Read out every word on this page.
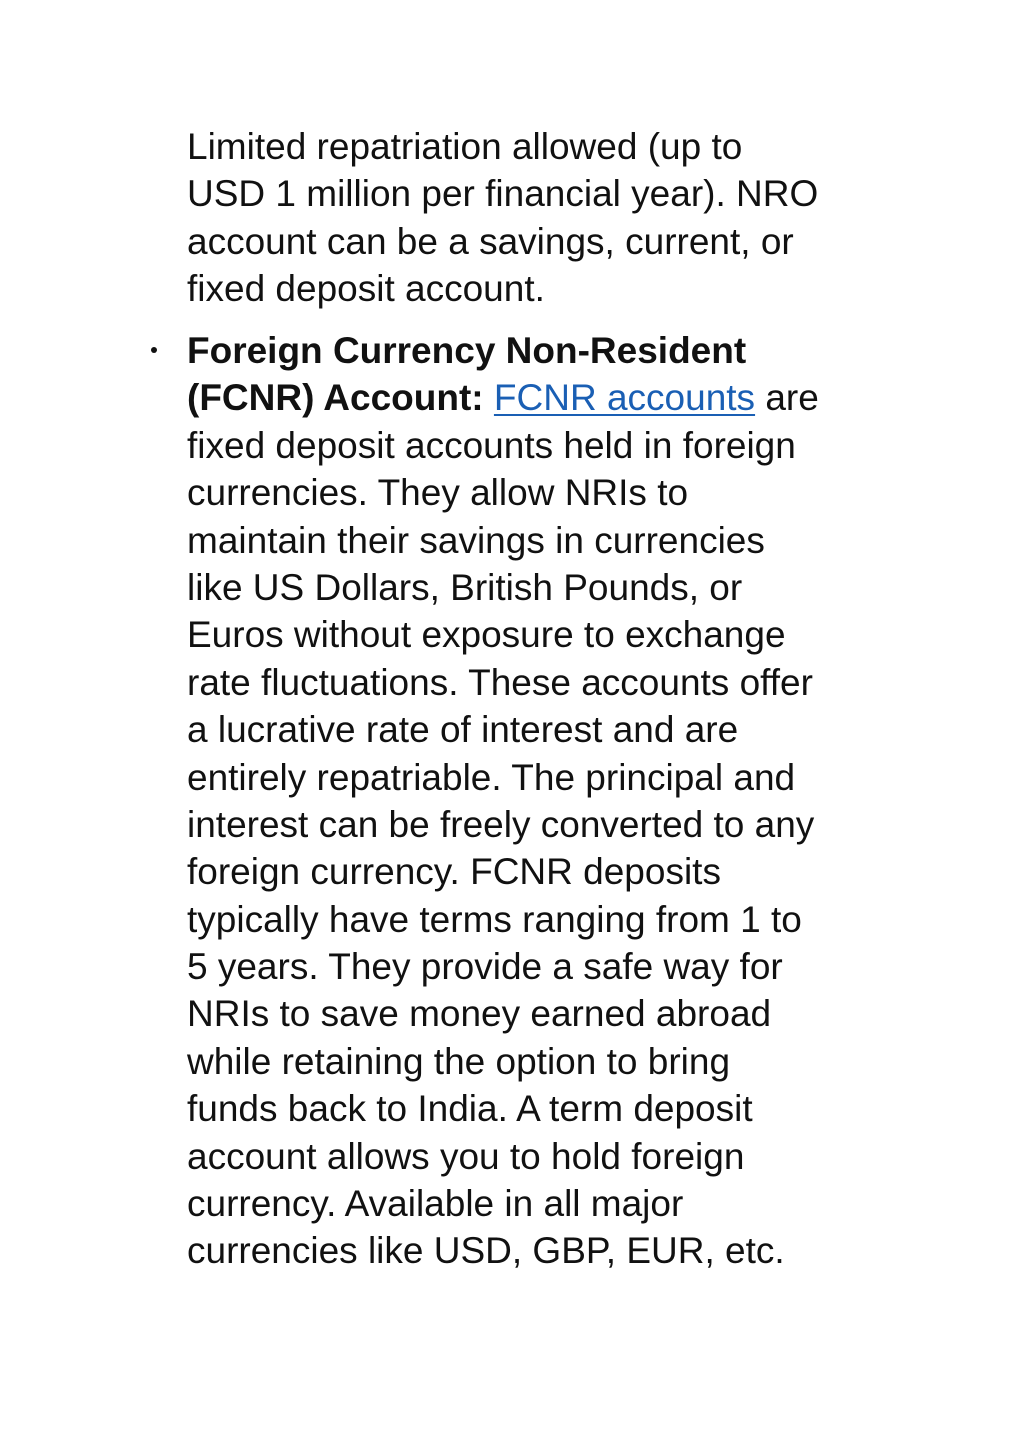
Limited repatriation allowed (up to
USD 1 million per financial year). NRO
account can be a savings, current, or
fixed deposit account.

Foreign Currency Non-Resident
(FCNR) Account: FCNR accounts are
fixed deposit accounts held in foreign
currencies. They allow NRIs to
maintain their savings in currencies
like US Dollars, British Pounds, or
Euros without exposure to exchange
rate fluctuations. These accounts offer
a lucrative rate of interest and are
entirely repatriable. The principal and
interest can be freely converted to any
foreign currency. FCNR deposits
typically have terms ranging from 1 to
5 years. They provide a safe way for
NRIs to save money earned abroad
while retaining the option to bring
funds back to India. A term deposit
account allows you to hold foreign
currency. Available in all major
currencies like USD, GBP, EUR, etc.
